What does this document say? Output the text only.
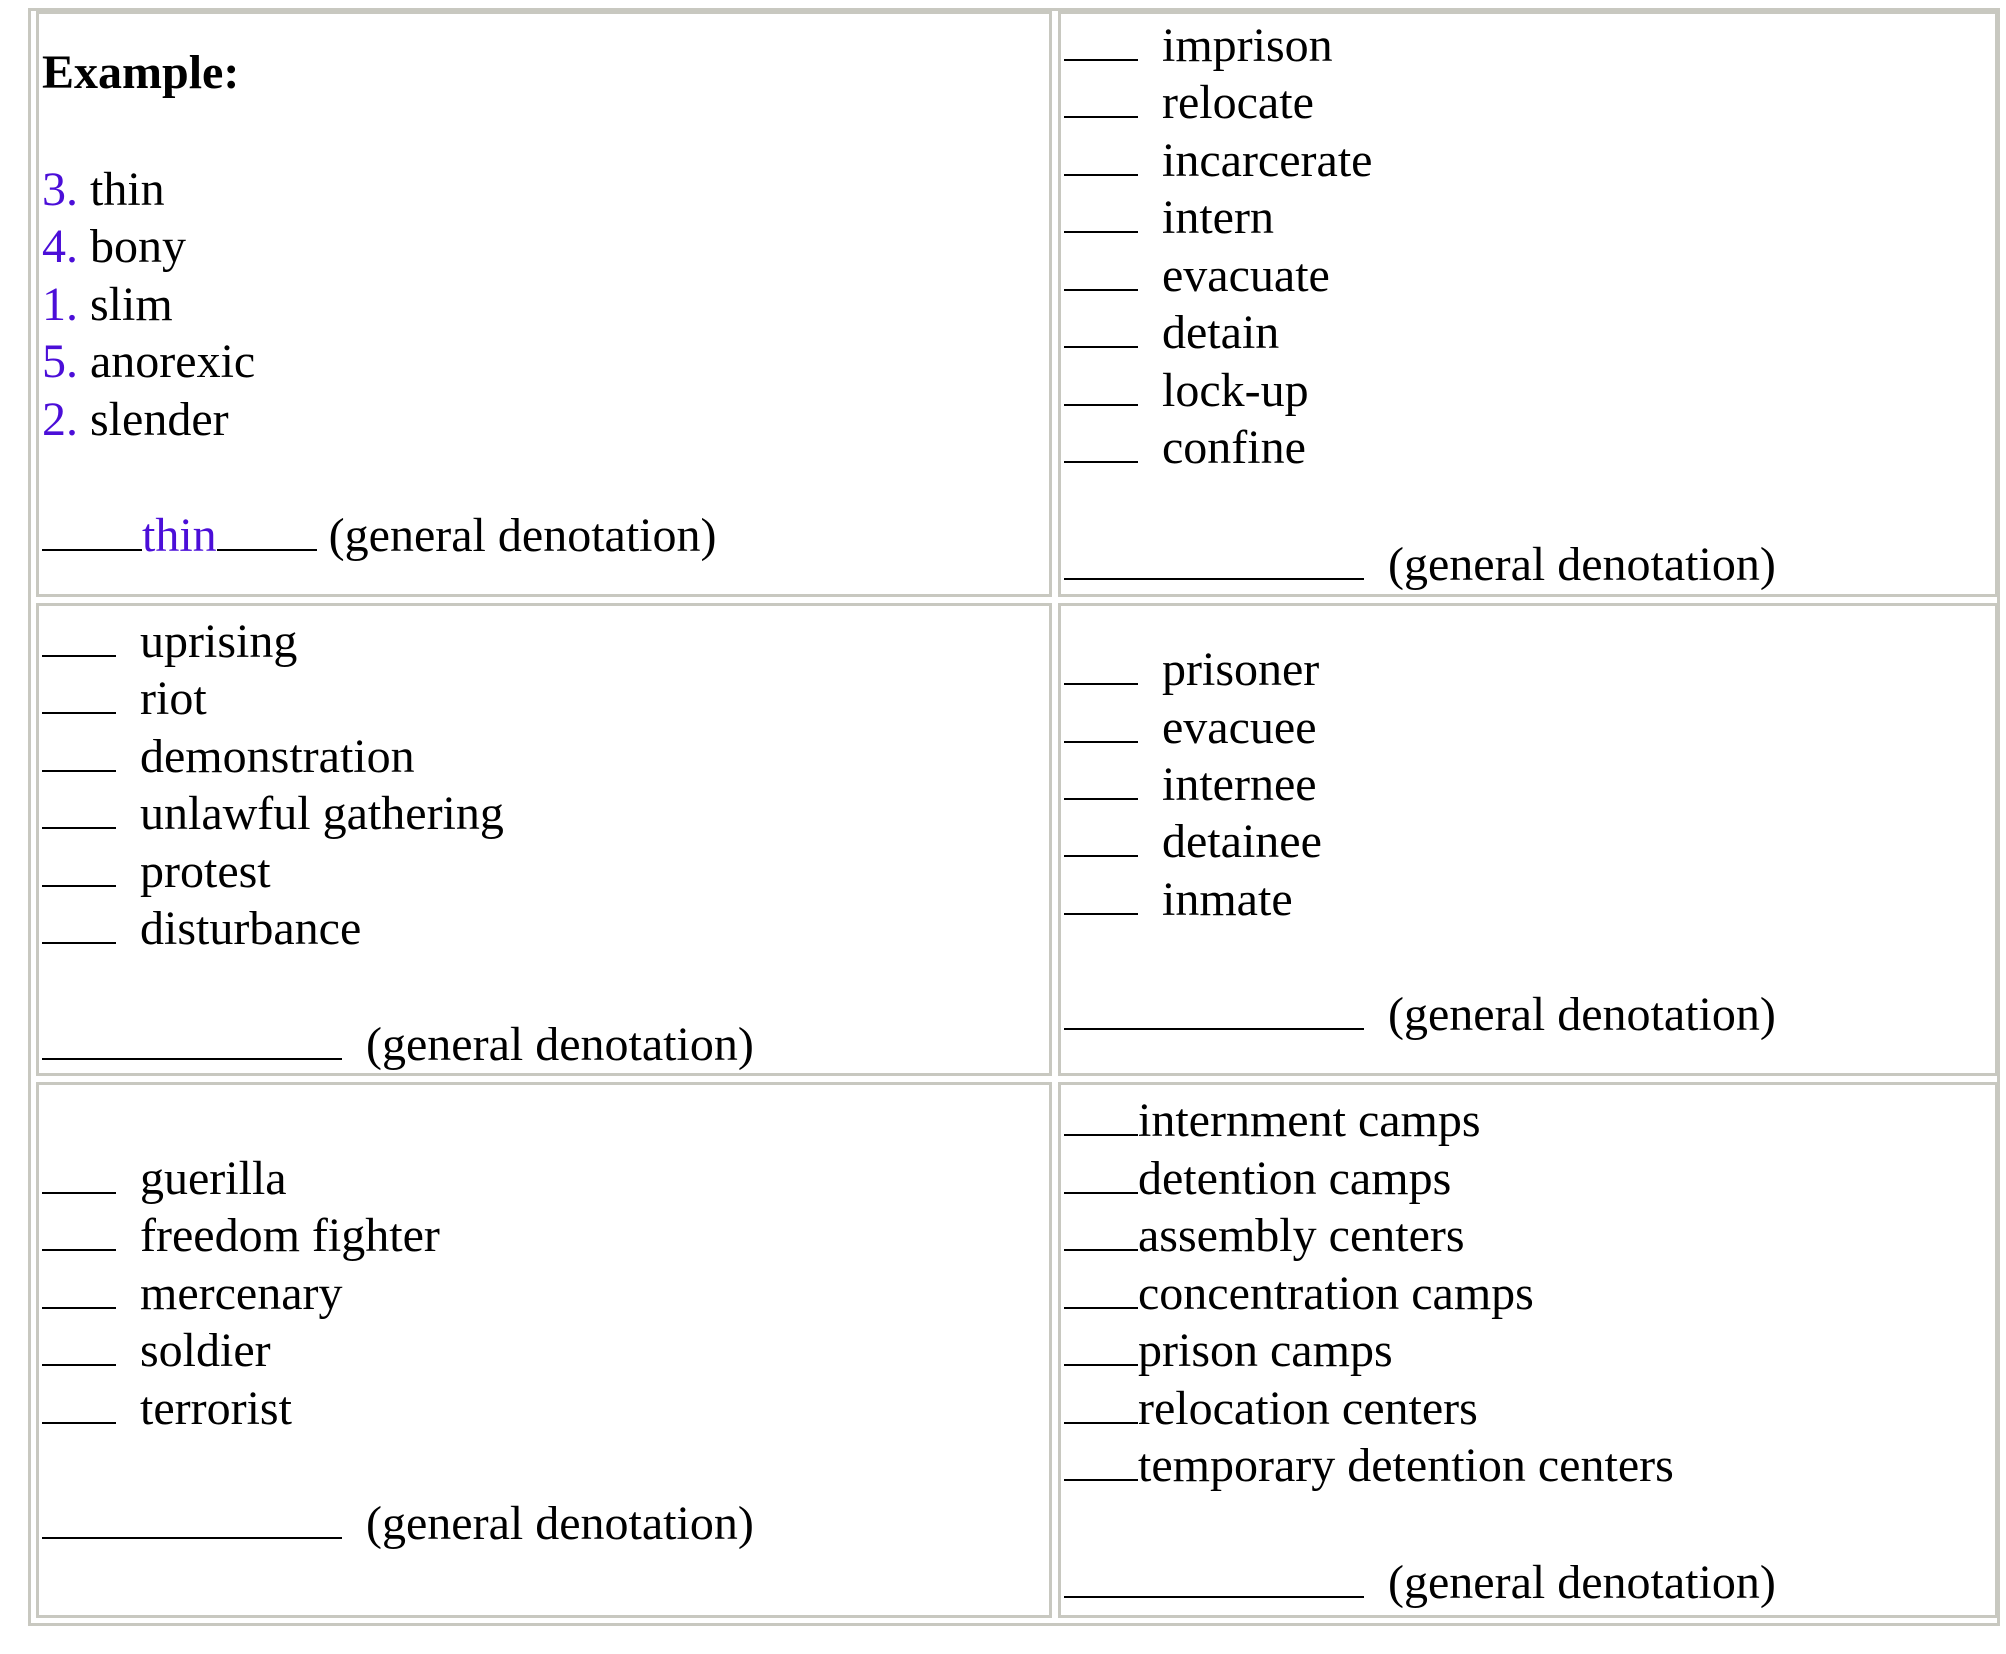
Example:
3. thin
4. bony
1. slim
5. anorexic
2. slender
thin (general denotation)
imprison
relocate
incarcerate
intern
evacuate
detain
lock-up
confine
(general denotation)
uprising
riot
demonstration
unlawful gathering
protest
disturbance
(general denotation)
prisoner
evacuee
internee
detainee
inmate
(general denotation)
guerilla
freedom fighter
mercenary
soldier
terrorist
(general denotation)
internment camps
detention camps
assembly centers
concentration camps
prison camps
relocation centers
temporary detention centers
(general denotation)
